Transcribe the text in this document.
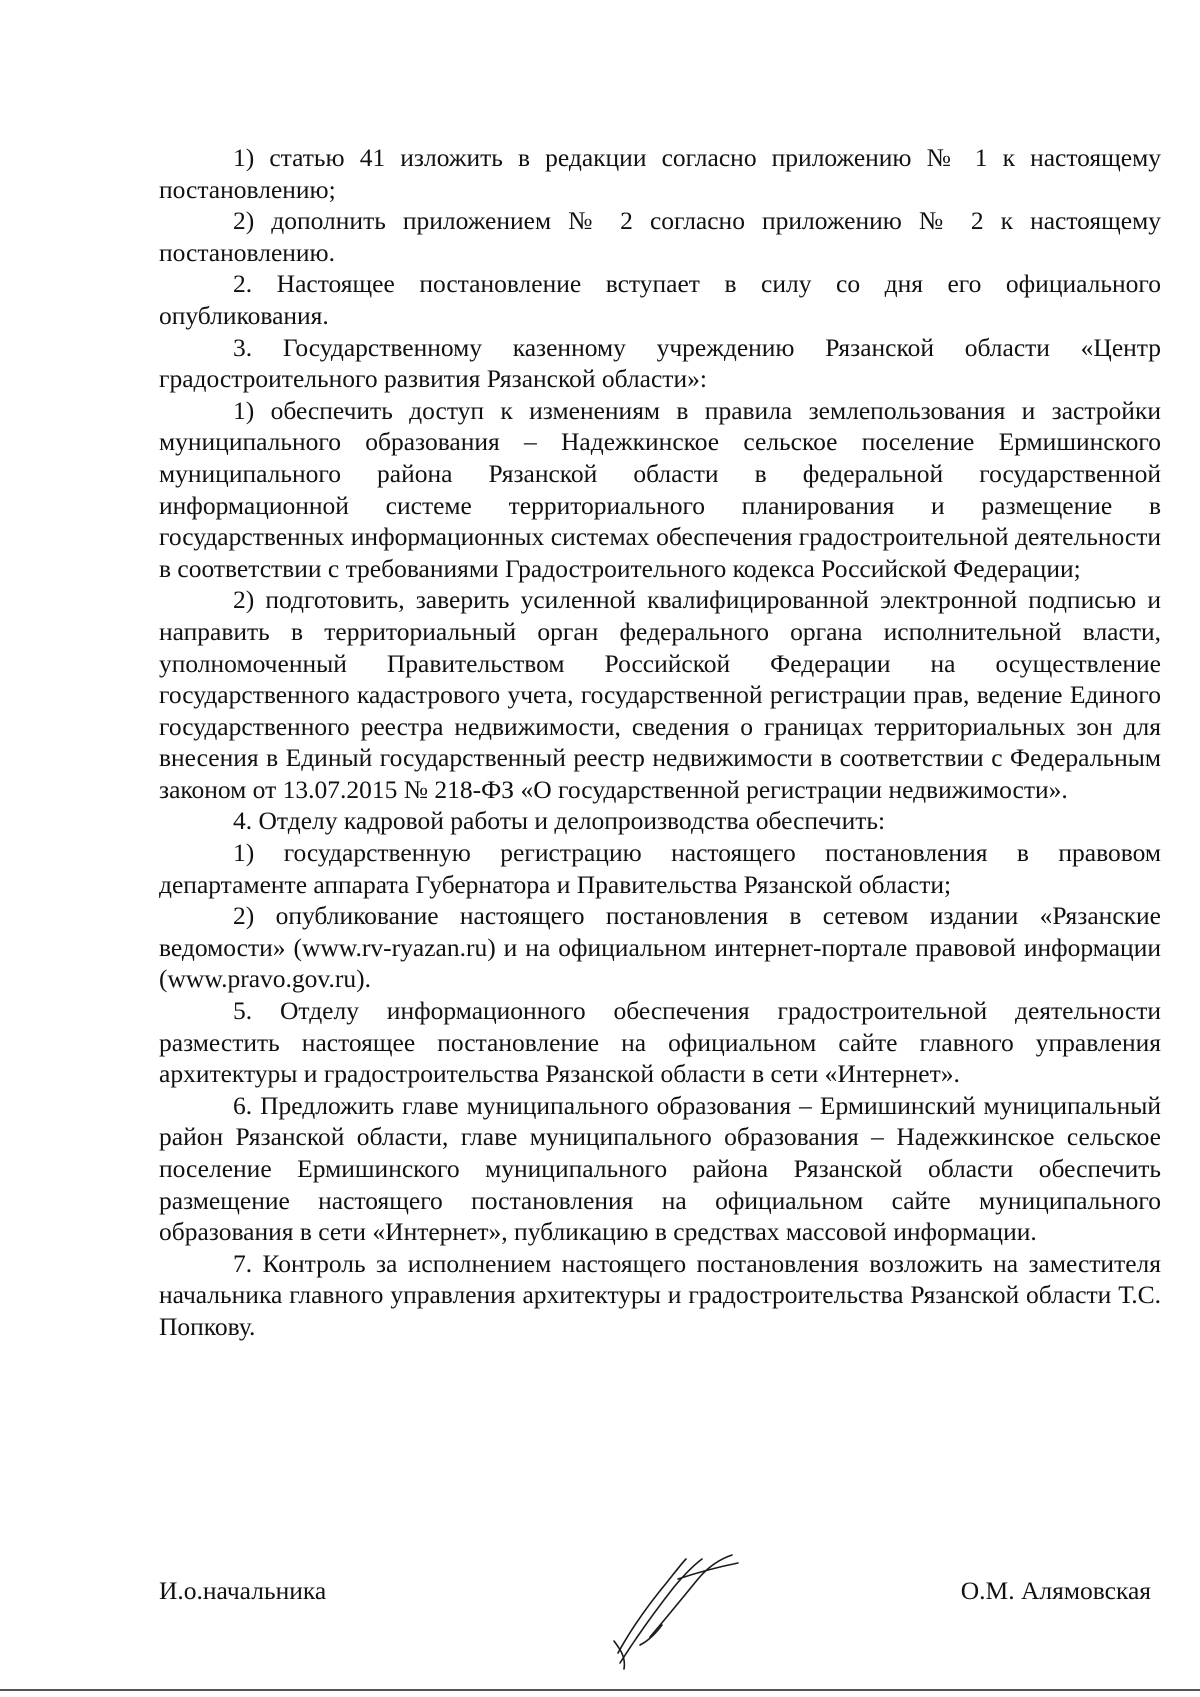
1) статью 41 изложить в редакции согласно приложению № 1 к настоящему постановлению;

2) дополнить приложением № 2 согласно приложению № 2 к настоящему постановлению.

2. Настоящее постановление вступает в силу со дня его официального опубликования.

3. Государственному казенному учреждению Рязанской области «Центр градостроительного развития Рязанской области»:

1) обеспечить доступ к изменениям в правила землепользования и застройки муниципального образования – Надежкинское сельское поселение Ермишинского муниципального района Рязанской области в федеральной государственной информационной системе территориального планирования и размещение в государственных информационных системах обеспечения градостроительной деятельности в соответствии с требованиями Градостроительного кодекса Российской Федерации;

2) подготовить, заверить усиленной квалифицированной электронной подписью и направить в территориальный орган федерального органа исполнительной власти, уполномоченный Правительством Российской Федерации на осуществление государственного кадастрового учета, государственной регистрации прав, ведение Единого государственного реестра недвижимости, сведения о границах территориальных зон для внесения в Единый государственный реестр недвижимости в соответствии с Федеральным законом от 13.07.2015 № 218-ФЗ «О государственной регистрации недвижимости».

4. Отделу кадровой работы и делопроизводства обеспечить:

1) государственную регистрацию настоящего постановления в правовом департаменте аппарата Губернатора и Правительства Рязанской области;

2) опубликование настоящего постановления в сетевом издании «Рязанские ведомости» (www.rv-ryazan.ru) и на официальном интернет-портале правовой информации (www.pravo.gov.ru).

5. Отделу информационного обеспечения градостроительной деятельности разместить настоящее постановление на официальном сайте главного управления архитектуры и градостроительства Рязанской области в сети «Интернет».

6. Предложить главе муниципального образования – Ермишинский муниципальный район Рязанской области, главе муниципального образования – Надежкинское сельское поселение Ермишинского муниципального района Рязанской области обеспечить размещение настоящего постановления на официальном сайте муниципального образования в сети «Интернет», публикацию в средствах массовой информации.

7. Контроль за исполнением настоящего постановления возложить на заместителя начальника главного управления архитектуры и градостроительства Рязанской области Т.С. Попкову.

И.о.начальника	О.М. Алямовская
